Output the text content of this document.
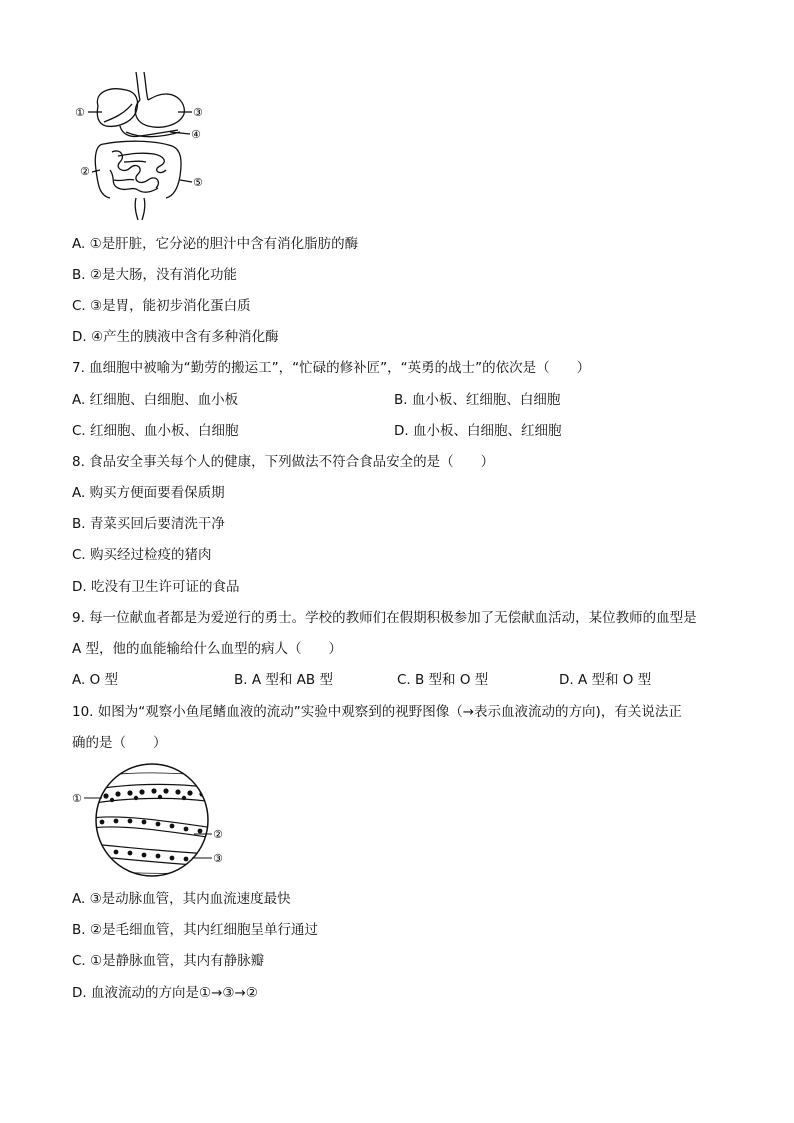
①	③
④
②
⑤
A. ①是肝脏，它分泌的胆汁中含有消化脂肪的酶
B. ②是大肠，没有消化功能
C. ③是胃，能初步消化蛋白质
D. ④产生的胰液中含有多种消化酶
7. 血细胞中被喻为“勤劳的搬运工”，“忙碌的修补匠”，“英勇的战士”的依次是（　　）
A. 红细胞、白细胞、血小板	B. 血小板、红细胞、白细胞
C. 红细胞、血小板、白细胞	D. 血小板、白细胞、红细胞
8. 食品安全事关每个人的健康，下列做法不符合食品安全的是（　　）
A. 购买方便面要看保质期
B. 青菜买回后要清洗干净
C. 购买经过检疫的猪肉
D. 吃没有卫生许可证的食品
9. 每一位献血者都是为爱逆行的勇士。学校的教师们在假期积极参加了无偿献血活动，某位教师的血型是
A 型，他的血能输给什么血型的病人（　　）
A. O 型	B. A 型和 AB 型	C. B 型和 O 型	D. A 型和 O 型
10. 如图为“观察小鱼尾鳍血液的流动”实验中观察到的视野图像（→表示血液流动的方向)，有关说法正
确的是（　　）
①
②
③
A. ③是动脉血管，其内血流速度最快
B. ②是毛细血管，其内红细胞呈单行通过
C. ①是静脉血管，其内有静脉瓣
D. 血液流动的方向是①→③→②
